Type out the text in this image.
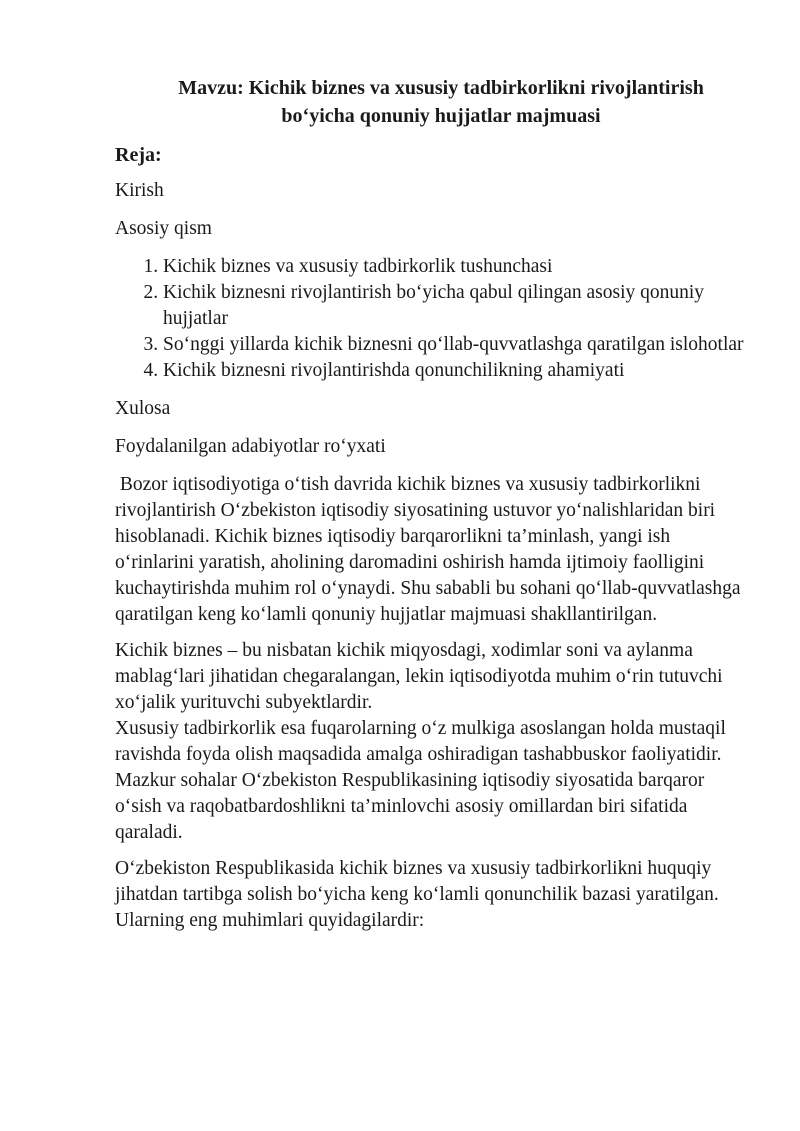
Mavzu: Kichik biznes va xususiy tadbirkorlikni rivojlantirish
bo‘yicha qonuniy hujjatlar majmuasi
Reja:
Kirish
Asosiy qism
1. Kichik biznes va xususiy tadbirkorlik tushunchasi
2. Kichik biznesni rivojlantirish bo‘yicha qabul qilingan asosiy qonuniy hujjatlar
3. So‘nggi yillarda kichik biznesni qo‘llab-quvvatlashga qaratilgan islohotlar
4. Kichik biznesni rivojlantirishda qonunchilikning ahamiyati
Xulosa
Foydalanilgan adabiyotlar ro‘yxati

Bozor iqtisodiyotiga o‘tish davrida kichik biznes va xususiy tadbirkorlikni rivojlantirish O‘zbekiston iqtisodiy siyosatining ustuvor yo‘nalishlaridan biri hisoblanadi. Kichik biznes iqtisodiy barqarorlikni ta’minlash, yangi ish o‘rinlarini yaratish, aholining daromadini oshirish hamda ijtimoiy faolligini kuchaytirishda muhim rol o‘ynaydi. Shu sababli bu sohani qo‘llab-quvvatlashga qaratilgan keng ko‘lamli qonuniy hujjatlar majmuasi shakllantirilgan.

Kichik biznes – bu nisbatan kichik miqyosdagi, xodimlar soni va aylanma mablag‘lari jihatidan chegaralangan, lekin iqtisodiyotda muhim o‘rin tutuvchi xo‘jalik yurituvchi subyektlardir.

Xususiy tadbirkorlik esa fuqarolarning o‘z mulkiga asoslangan holda mustaqil ravishda foyda olish maqsadida amalga oshiradigan tashabbuskor faoliyatidir.

Mazkur sohalar O‘zbekiston Respublikasining iqtisodiy siyosatida barqaror o‘sish va raqobatbardoshlikni ta’minlovchi asosiy omillardan biri sifatida qaraladi.

O‘zbekiston Respublikasida kichik biznes va xususiy tadbirkorlikni huquqiy jihatdan tartibga solish bo‘yicha keng ko‘lamli qonunchilik bazasi yaratilgan. Ularning eng muhimlari quyidagilardir:
